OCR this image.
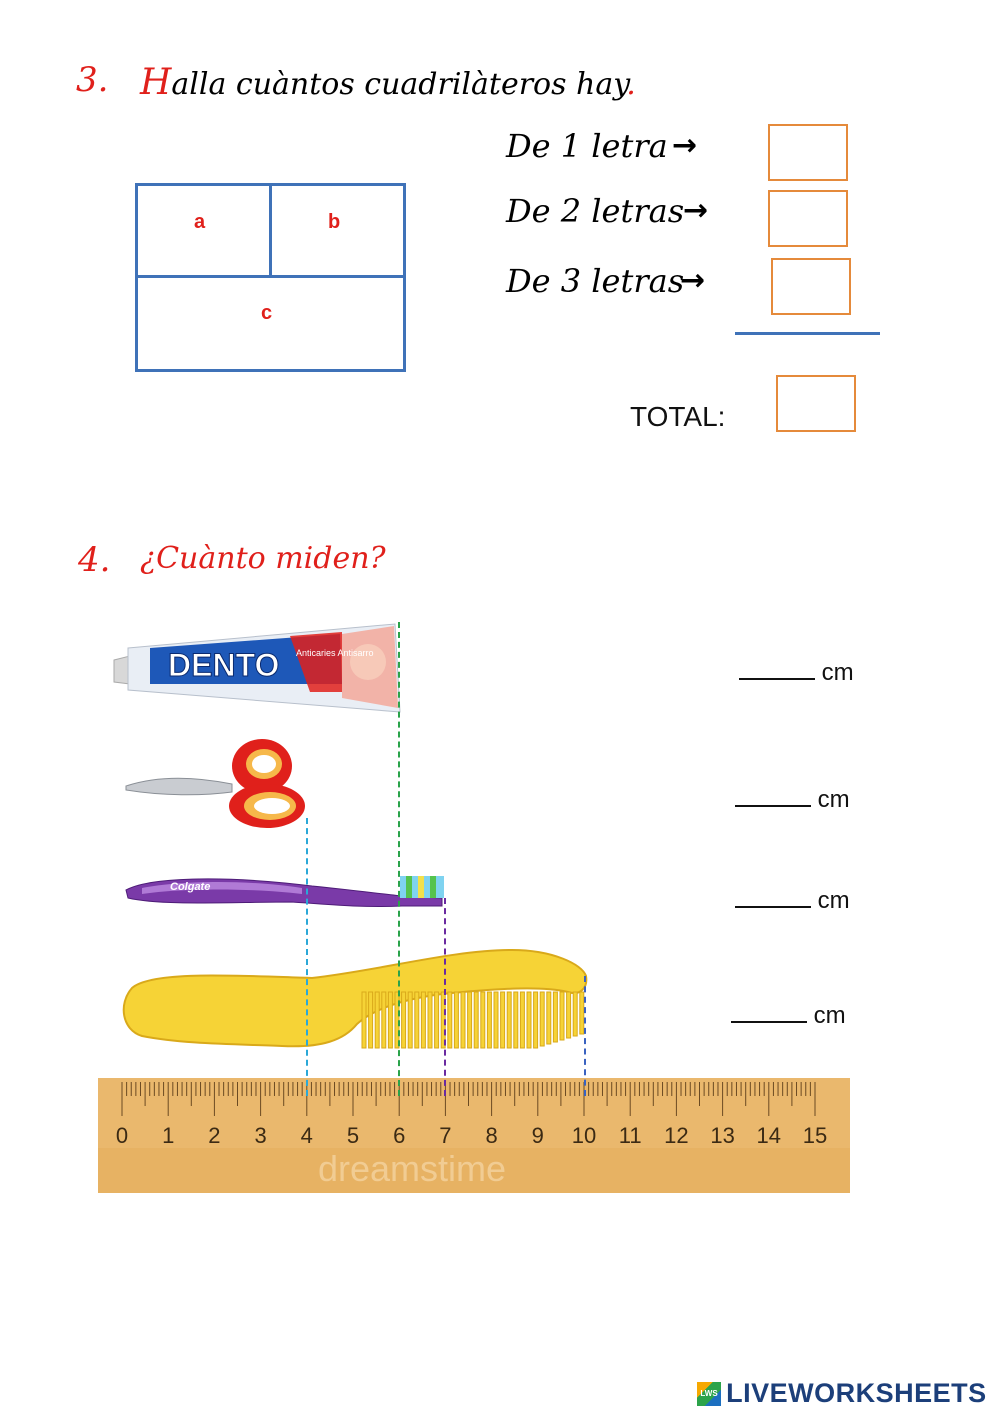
3. Halla cuàntos cuadrilàteros hay.
a	b
c
De 1 letra →
De 2 letras
→
De 3 letras
→
TOTAL:
4. ¿Cuànto miden?
DENTO Anticaries Antisarro
Colgate
cm
cm
cm
cm
0 1 2 3 4 5 6 7 8 9 10 11 12 13 14 15
dreamstime
LWS LIVEWORKSHEETS
